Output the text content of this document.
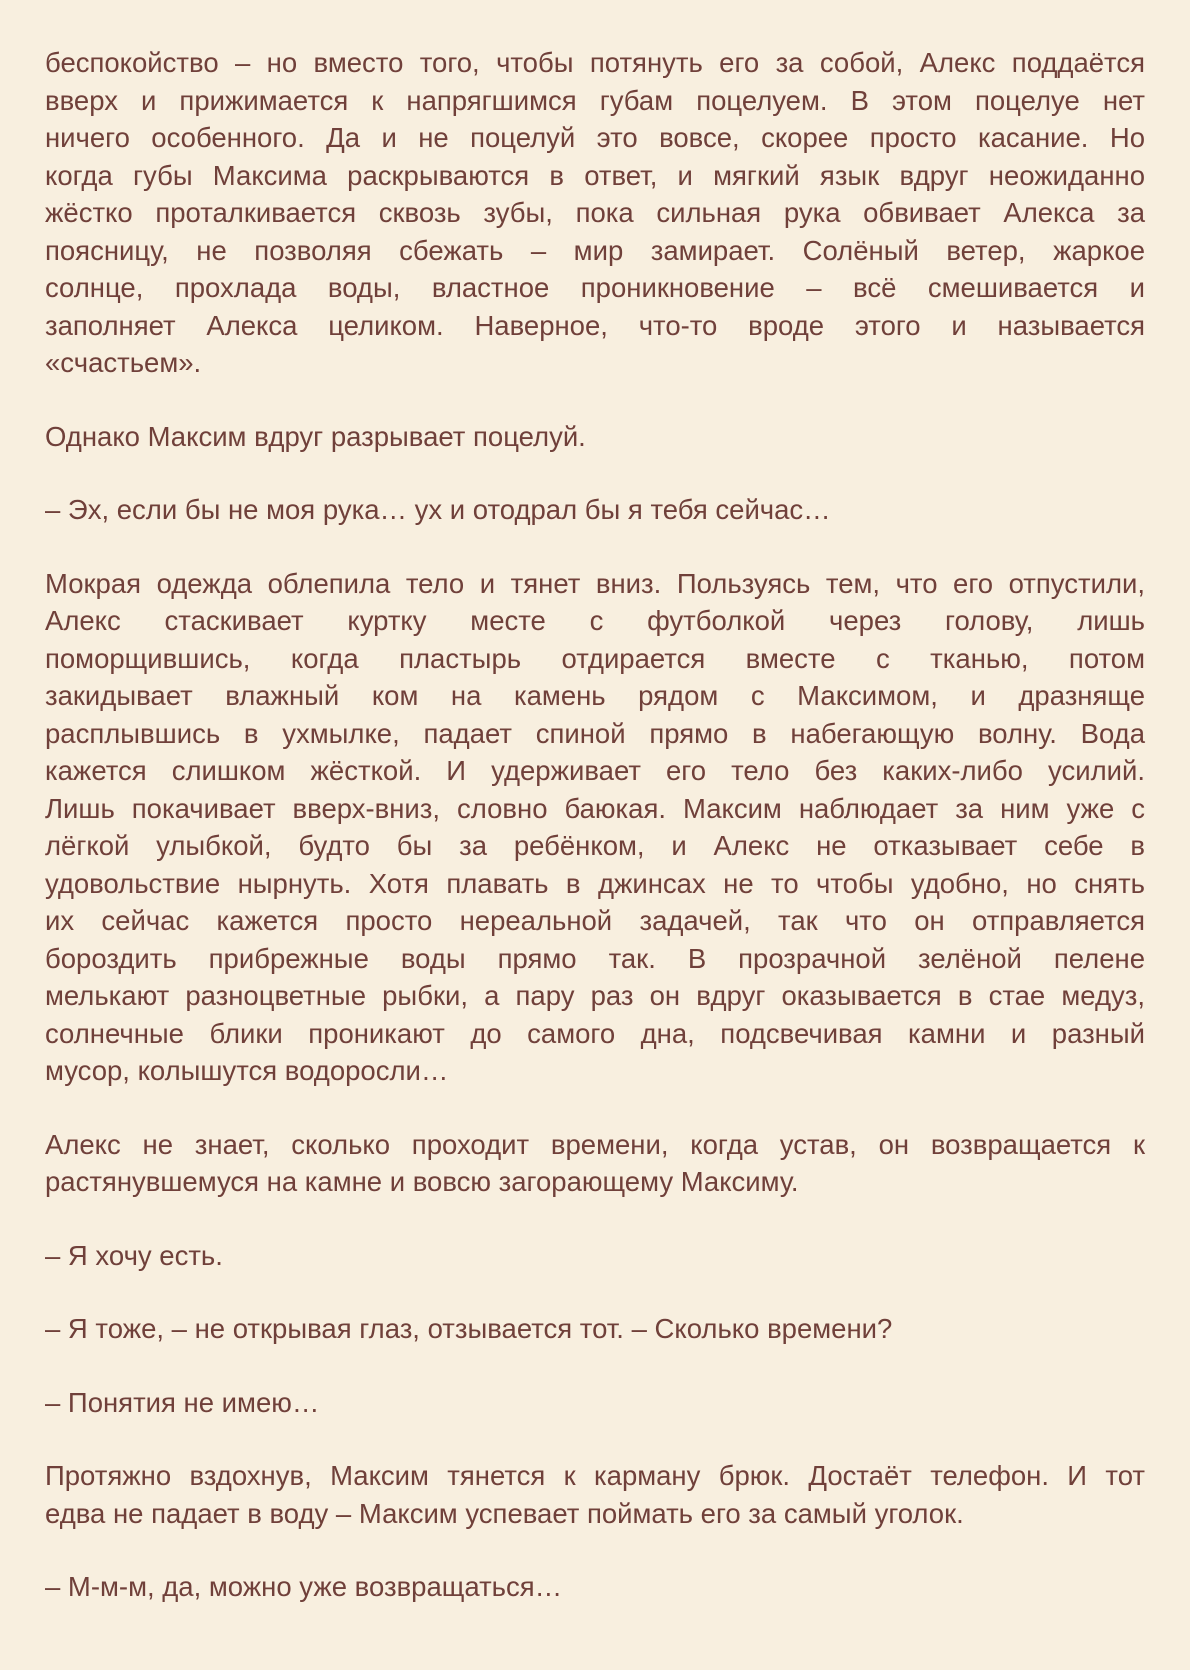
беспокойство – но вместо того, чтобы потянуть его за собой, Алекс поддаётся
вверх и прижимается к напрягшимся губам поцелуем. В этом поцелуе нет
ничего особенного. Да и не поцелуй это вовсе, скорее просто касание. Но
когда губы Максима раскрываются в ответ, и мягкий язык вдруг неожиданно
жёстко проталкивается сквозь зубы, пока сильная рука обвивает Алекса за
поясницу, не позволяя сбежать – мир замирает. Солёный ветер, жаркое
солнце, прохлада воды, властное проникновение – всё смешивается и
заполняет Алекса целиком. Наверное, что-то вроде этого и называется
«счастьем».

Однако Максим вдруг разрывает поцелуй.

– Эх, если бы не моя рука… ух и отодрал бы я тебя сейчас…

Мокрая одежда облепила тело и тянет вниз. Пользуясь тем, что его отпустили,
Алекс стаскивает куртку месте с футболкой через голову, лишь
поморщившись, когда пластырь отдирается вместе с тканью, потом
закидывает влажный ком на камень рядом с Максимом, и дразняще
расплывшись в ухмылке, падает спиной прямо в набегающую волну. Вода
кажется слишком жёсткой. И удерживает его тело без каких-либо усилий.
Лишь покачивает вверх-вниз, словно баюкая. Максим наблюдает за ним уже с
лёгкой улыбкой, будто бы за ребёнком, и Алекс не отказывает себе в
удовольствие нырнуть. Хотя плавать в джинсах не то чтобы удобно, но снять
их сейчас кажется просто нереальной задачей, так что он отправляется
бороздить прибрежные воды прямо так. В прозрачной зелёной пелене
мелькают разноцветные рыбки, а пару раз он вдруг оказывается в стае медуз,
солнечные блики проникают до самого дна, подсвечивая камни и разный
мусор, колышутся водоросли…
Алекс не знает, сколько проходит времени, когда устав, он возвращается к
растянувшемуся на камне и вовсю загорающему Максиму.

– Я хочу есть.

– Я тоже, – не открывая глаз, отзывается тот. – Сколько времени?

– Понятия не имею…

Протяжно вздохнув, Максим тянется к карману брюк. Достаёт телефон. И тот
едва не падает в воду – Максим успевает поймать его за самый уголок.

– М-м-м, да, можно уже возвращаться…
